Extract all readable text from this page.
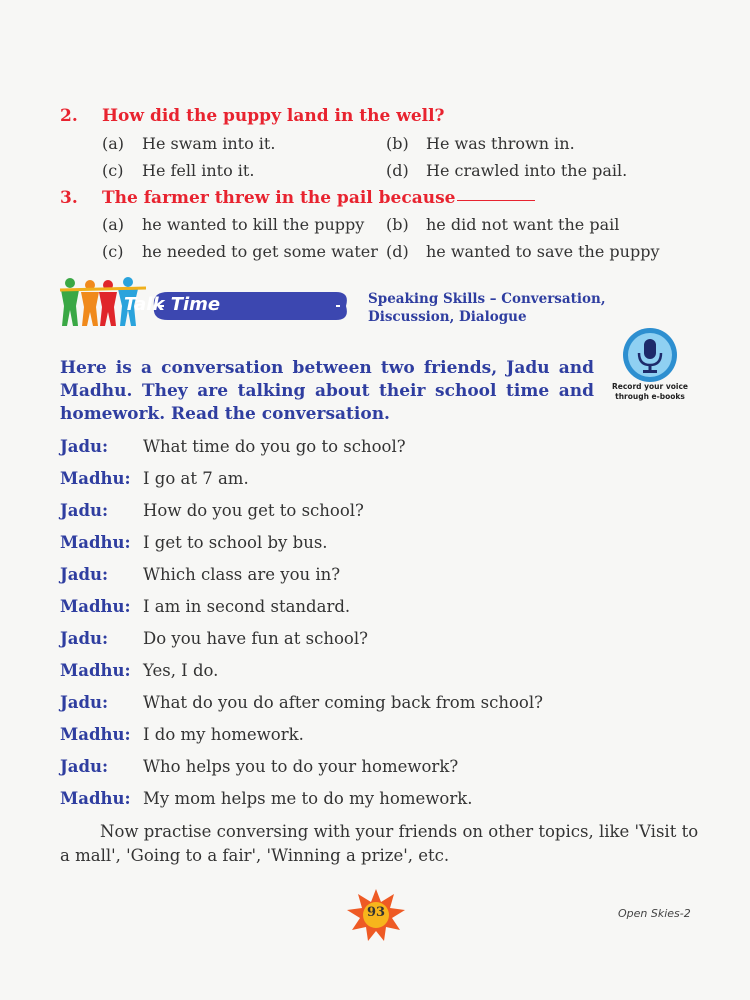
2. How did the puppy land in the well?
(a) He swam into it.	(b) He was thrown in.
(c) He fell into it.	(d) He crawled into the pail.
3. The farmer threw in the pail because
(a) he wanted to kill the puppy (b) he did not want the pail
(c) he needed to get some water (d) he wanted to save the puppy
Talk Time	Speaking Skills – Conversation, Discussion, Dialogue
Here is a conversation between two friends, Jadu and Madhu. They are talking about their school time and homework. Read the conversation.
Record your voice
through e-books
Jadu: What time do you go to school?
Madhu: I go at 7 am.
Jadu: How do you get to school?
Madhu: I get to school by bus.
Jadu: Which class are you in?
Madhu: I am in second standard.
Jadu: Do you have fun at school?
Madhu: Yes, I do.
Jadu: What do you do after coming back from school?
Madhu: I do my homework.
Jadu: Who helps you to do your homework?
Madhu: My mom helps me to do my homework.
Now practise conversing with your friends on other topics, like 'Visit to a mall', 'Going to a fair', 'Winning a prize', etc.
93	Open Skies-2
